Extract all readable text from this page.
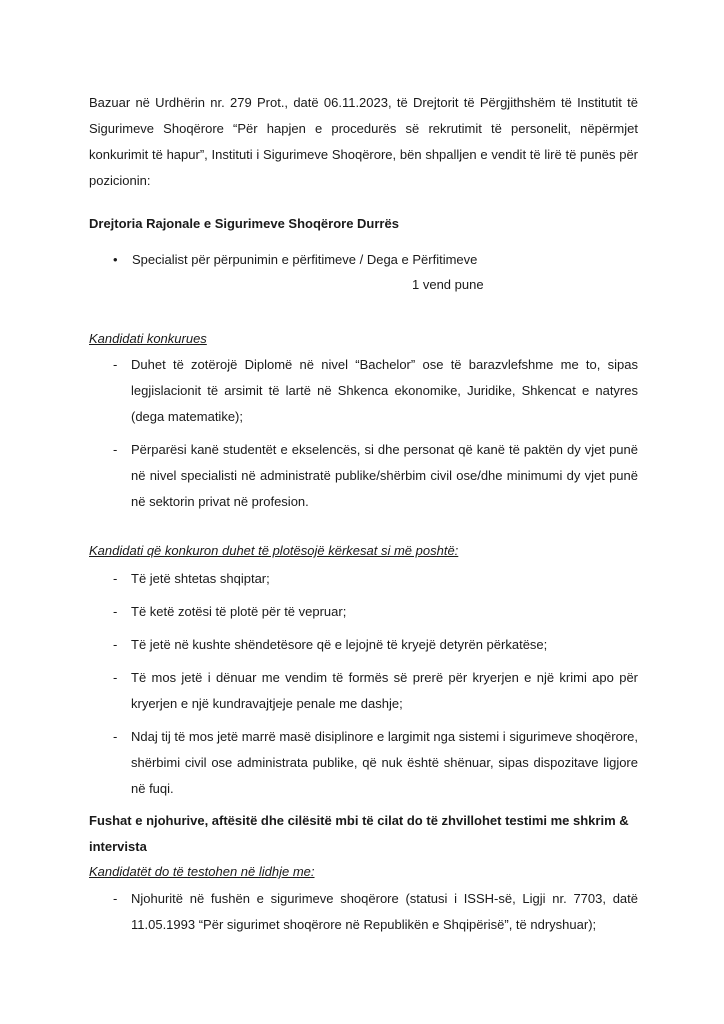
Bazuar në Urdhërin nr. 279 Prot., datë 06.11.2023, të Drejtorit të Përgjithshëm të Institutit të Sigurimeve Shoqërore “Për hapjen e procedurës së rekrutimit të personelit, nëpërmjet konkurimit të hapur”, Instituti i Sigurimeve Shoqërore, bën shpalljen e vendit të lirë të punës për pozicionin:
Drejtoria Rajonale e Sigurimeve Shoqërore Durrës
• Specialist për përpunimin e përfitimeve / Dega e Përfitimeve
1 vend pune
Kandidati konkurues
- Duhet të zotërojë Diplomë në nivel “Bachelor” ose të barazvlefshme me to, sipas legjislacionit të arsimit të lartë në Shkenca ekonomike, Juridike, Shkencat e natyres (dega matematike);
- Përparësi kanë studentët e ekselencës, si dhe personat që kanë të paktën dy vjet punë në nivel specialisti në administratë publike/shërbim civil ose/dhe minimumi dy vjet punë në sektorin privat në profesion.
Kandidati që konkuron duhet të plotësojë kërkesat si më poshtë:
- Të jetë shtetas shqiptar;
- Të ketë zotësi të plotë për të vepruar;
- Të jetë në kushte shëndetësore që e lejojnë të kryejë detyrën përkatëse;
- Të mos jetë i dënuar me vendim të formës së prerë për kryerjen e një krimi apo për kryerjen e një kundravajtjeje penale me dashje;
- Ndaj tij të mos jetë marrë masë disiplinore e largimit nga sistemi i sigurimeve shoqërore, shërbimi civil ose administrata publike, që nuk është shënuar, sipas dispozitave ligjore në fuqi.
Fushat e njohurive, aftësitë dhe cilësitë mbi të cilat do të zhvillohet testimi me shkrim & intervista
Kandidatët do të testohen në lidhje me:
- Njohuritë në fushën e sigurimeve shoqërore (statusi i ISSH-së, Ligji nr. 7703, datë 11.05.1993 “Për sigurimet shoqërore në Republikën e Shqipërisë”, të ndryshuar);
